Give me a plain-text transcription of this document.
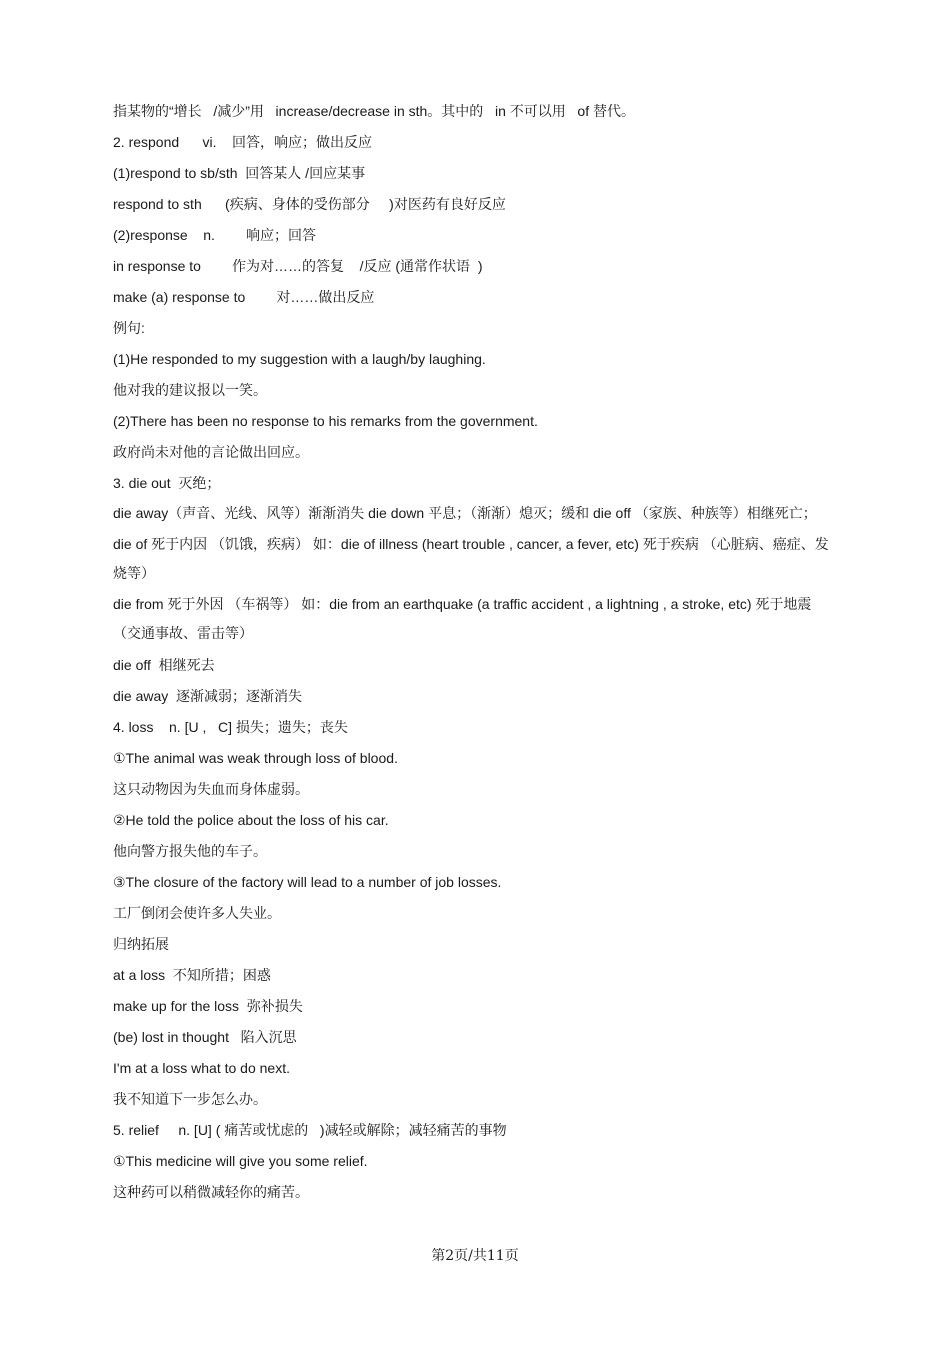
指某物的“增长   /减少”用   increase/decrease in sth。其中的   in 不可以用   of 替代。
2. respond      vi.    回答，响应；做出反应
(1)respond to sb/sth  回答某人 /回应某事
respond to sth      (疾病、身体的受伤部分     )对医药有良好反应
(2)response    n.        响应；回答
in response to        作为对……的答复    /反应 (通常作状语  )
make (a) response to        对……做出反应
例句:
(1)He responded to my suggestion with a laugh/by laughing.
他对我的建议报以一笑。
(2)There has been no response to his remarks from the government.
政府尚未对他的言论做出回应。
3. die out  灭绝；
die away（声音、光线、风等）渐渐消失 die down 平息；（渐渐）熄灭；缓和 die off （家族、种族等）相继死亡；
die of 死于内因 （饥饿，疾病） 如：die of illness (heart trouble , cancer, a fever, etc) 死于疾病 （心脏病、癌症、发烧等）
die from 死于外因 （车祸等） 如：die from an earthquake (a traffic accident , a lightning , a stroke, etc) 死于地震（交通事故、雷击等）
die off  相继死去
die away  逐渐减弱；逐渐消失
4. loss    n. [U ,   C] 损失；遗失；丧失
①The animal was weak through loss of blood.
这只动物因为失血而身体虚弱。
②He told the police about the loss of his car.
他向警方报失他的车子。
③The closure of the factory will lead to a number of job losses.
工厂倒闭会使许多人失业。
归纳拓展
at a loss  不知所措；困惑
make up for the loss  弥补损失
(be) lost in thought   陷入沉思
I'm at a loss what to do next.
我不知道下一步怎么办。
5. relief     n. [U] ( 痛苦或忧虑的   )减轻或解除；减轻痛苦的事物
①This medicine will give you some relief.
这种药可以稍微减轻你的痛苦。
第2页/共11页
